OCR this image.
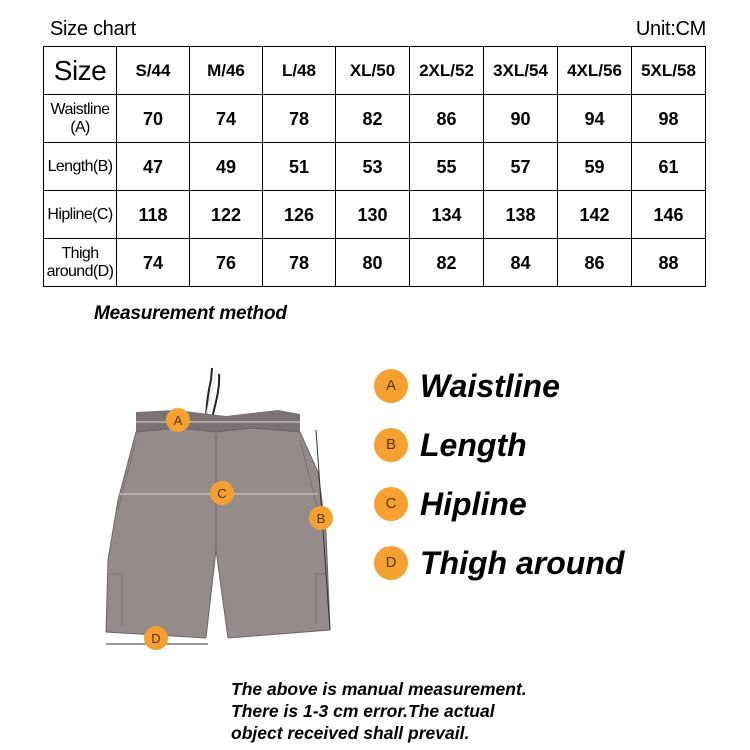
Size chart	Unit:CM
Size	S/44	M/46	L/48	XL/50	2XL/52	3XL/54	4XL/56	5XL/58

Waistline
(A)	70	74	78	82	86	90	94	98

Length(B)	47	49	51	53	55	57	59	61

Hipline(C)	118	122	126	130	134	138	142	146

Thigh
around(D)	74	76	78	80	82	84	86	88
Measurement method
A
C
B
D
A Waistline
B Length
C Hipline
D Thigh around
The above is manual measurement.
There is 1-3 cm error.The actual
object received shall prevail.
